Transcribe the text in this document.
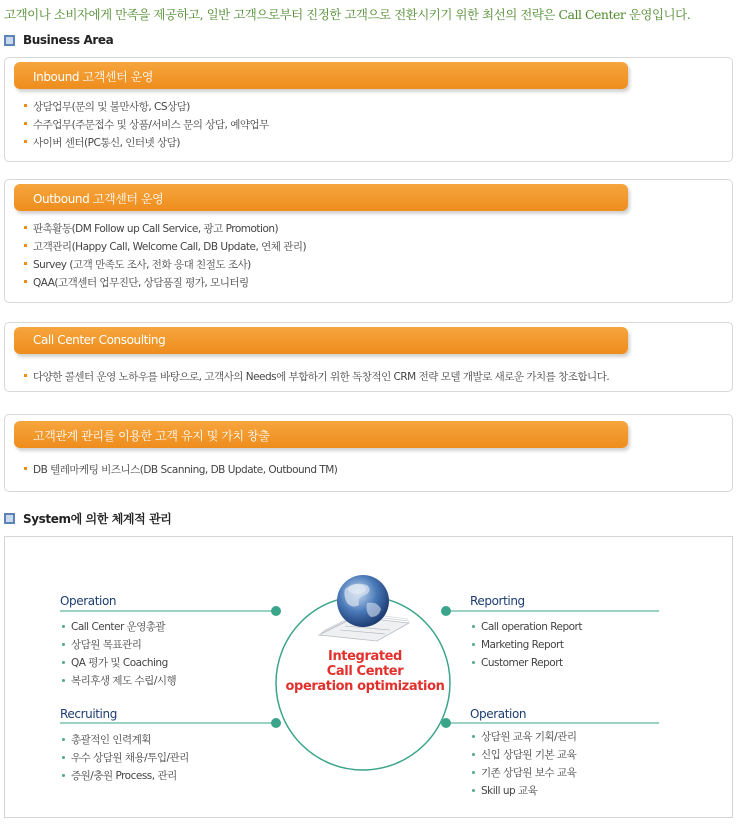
고객이나 소비자에게 만족을 제공하고, 일반 고객으로부터 진정한 고객으로 전환시키기 위한 최선의 전략은 Call Center 운영입니다.
Business Area
Inbound 고객센터 운영
상담업무(문의 및 불만사항, CS상담)
수주업무(주문접수 및 상품/서비스 문의 상담, 예약업무
사이버 센터(PC통신, 인터넷 상담)
Outbound 고객센터 운영
판촉활동(DM Follow up Call Service, 광고 Promotion)
고객관리(Happy Call, Welcome Call, DB Update, 연체 관리)
Survey (고객 만족도 조사, 전화 응대 친절도 조사)
QAA(고객센터 업무진단, 상담품질 평가, 모니터링
Call Center Consoulting
다양한 콜센터 운영 노하우를 바탕으로, 고객사의 Needs에 부합하기 위한 독창적인 CRM 전략 모델 개발로 새로운 가치를 창조합니다.
고객관계 관리를 이용한 고객 유지 및 가치 창출
DB 텔레마케팅 비즈니스(DB Scanning, DB Update, Outbound TM)
System에 의한 체계적 관리
Integrated
Call Center
operation optimization
Operation
Call Center 운영총괄
상담원 목표관리
QA 평가 및 Coaching
복리후생 제도 수립/시행
Recruiting
총괄적인 인력계획
우수 상담원 채용/투입/관리
증원/충원 Process, 관리
Reporting
Call operation Report
Marketing Report
Customer Report
Operation
상담원 교육 기획/관리
신입 상담원 기본 교육
기존 상담원 보수 교육
Skill up 교육
